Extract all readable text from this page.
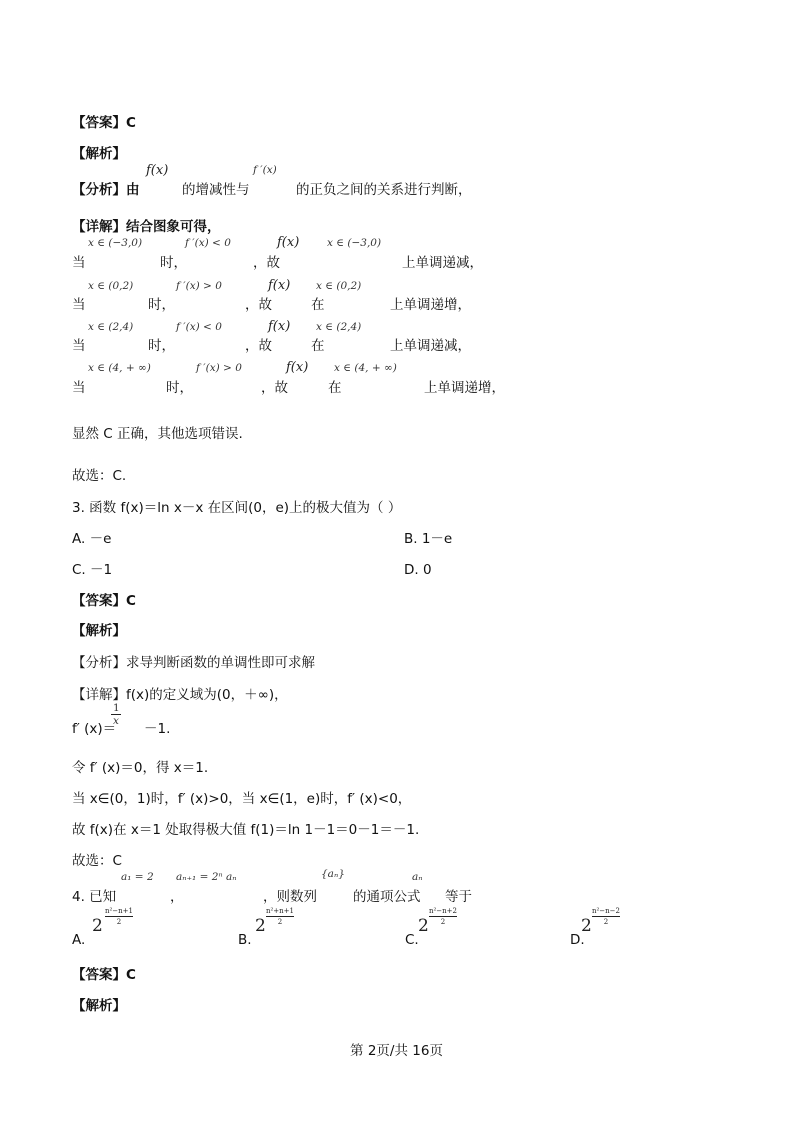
【答案】C
【解析】
f(x)	f ′(x)
【分析】由	的增减性与	的正负之间的关系进行判断，
【详解】结合图象可得，
x ∈ (−3,0)	f ′(x) < 0	f(x)	x ∈ (−3,0)
当	时，	，故	上单调递减，
x ∈ (0,2)	f ′(x) > 0	f(x) x ∈ (0,2)
当	时，	，故	在	上单调递增，
x ∈ (2,4)	f ′(x) < 0	f(x) x ∈ (2,4)
当	时，	，故	在	上单调递减，
x ∈ (4, + ∞)	f ′(x) > 0	f(x) x ∈ (4, + ∞)
当	时，	，故	在	上单调递增，
显然 C 正确，其他选项错误.
故选：C.
3. 函数 f(x)＝ln x－x 在区间(0，e)上的极大值为（ ）
A. －e	B. 1－e
C. －1	D. 0
【答案】C
【解析】
【分析】求导判断函数的单调性即可求解
【详解】f(x)的定义域为(0，＋∞)，
f′ (x)＝
1
x －1.
令 f′ (x)＝0，得 x＝1.
当 x∈(0，1)时，f′ (x)>0，当 x∈(1，e)时，f′ (x)<0，
故 f(x)在 x＝1 处取得极大值 f(1)＝ln 1－1＝0－1＝－1.
故选：C
a₁ = 2 aₙ₊₁ = 2ⁿ aₙ	{aₙ}	aₙ
4. 已知	，	，则数列	的通项公式 等于
A.
2
n²−n+1
2
B.
2
n²+n+1
2
C.
2
n²−n+2
2
D.
2
n²−n−2
2
【答案】C
【解析】
第 2页/共 16页
